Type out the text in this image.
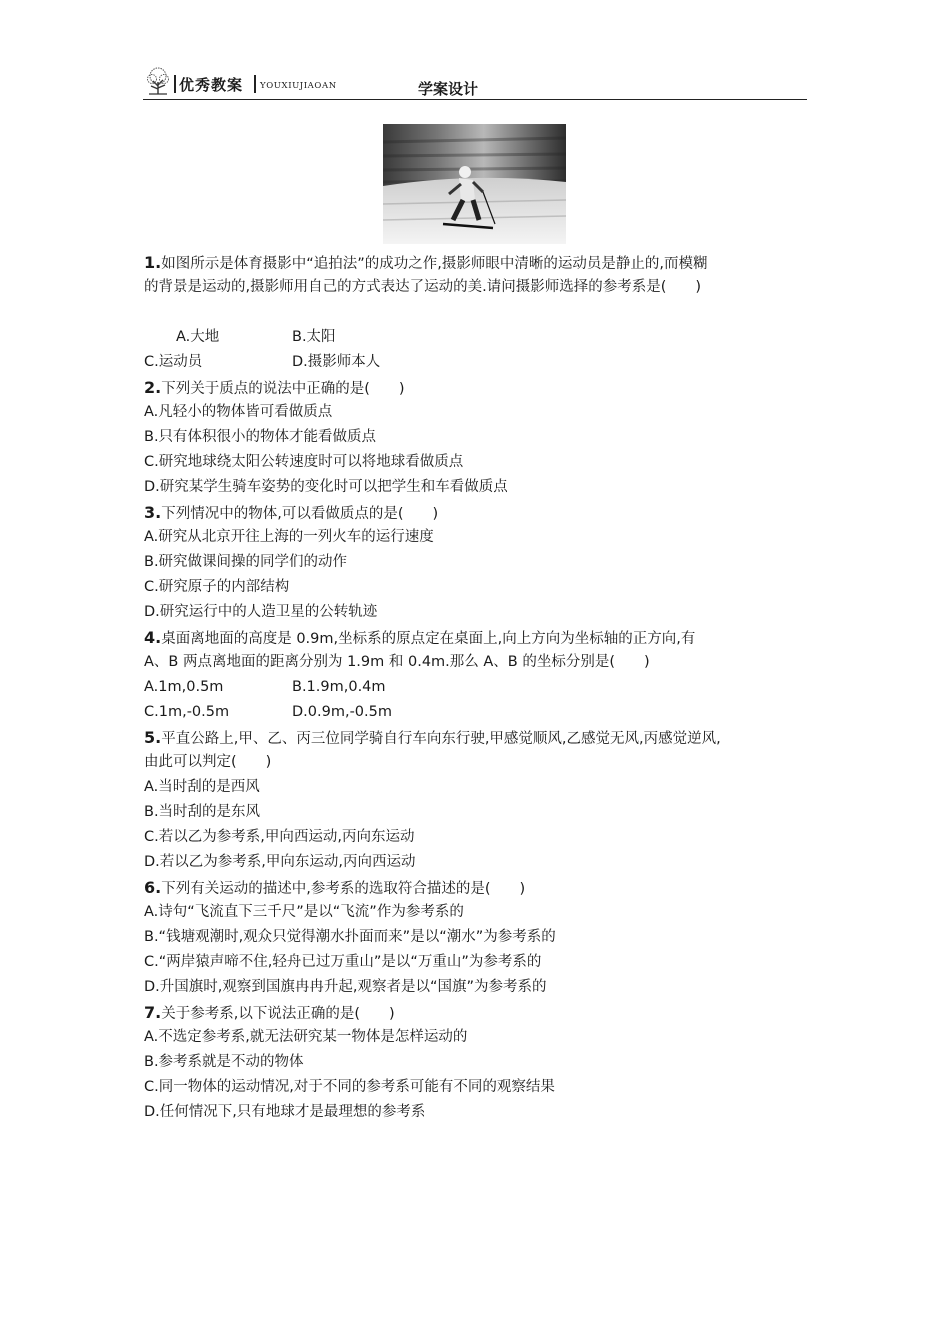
优秀教案 YOUXIUJIAOAN	学案设计
1.如图所示是体育摄影中“追拍法”的成功之作,摄影师眼中清晰的运动员是静止的,而模糊
的背景是运动的,摄影师用自己的方式表达了运动的美.请问摄影师选择的参考系是(　　)
A.大地	B.太阳
C.运动员	D.摄影师本人
2.下列关于质点的说法中正确的是(　　)
A.凡轻小的物体皆可看做质点
B.只有体积很小的物体才能看做质点
C.研究地球绕太阳公转速度时可以将地球看做质点
D.研究某学生骑车姿势的变化时可以把学生和车看做质点
3.下列情况中的物体,可以看做质点的是(　　)
A.研究从北京开往上海的一列火车的运行速度
B.研究做课间操的同学们的动作
C.研究原子的内部结构
D.研究运行中的人造卫星的公转轨迹
4.桌面离地面的高度是 0.9m,坐标系的原点定在桌面上,向上方向为坐标轴的正方向,有
A、B 两点离地面的距离分别为 1.9m 和 0.4m.那么 A、B 的坐标分别是(　　)
A.1m,0.5m	B.1.9m,0.4m
C.1m,-0.5m	D.0.9m,-0.5m
5.平直公路上,甲、乙、丙三位同学骑自行车向东行驶,甲感觉顺风,乙感觉无风,丙感觉逆风,
由此可以判定(　　)
A.当时刮的是西风
B.当时刮的是东风
C.若以乙为参考系,甲向西运动,丙向东运动
D.若以乙为参考系,甲向东运动,丙向西运动
6.下列有关运动的描述中,参考系的选取符合描述的是(　　)
A.诗句“飞流直下三千尺”是以“飞流”作为参考系的
B.“钱塘观潮时,观众只觉得潮水扑面而来”是以“潮水”为参考系的
C.“两岸猿声啼不住,轻舟已过万重山”是以“万重山”为参考系的
D.升国旗时,观察到国旗冉冉升起,观察者是以“国旗”为参考系的
7.关于参考系,以下说法正确的是(　　)
A.不选定参考系,就无法研究某一物体是怎样运动的
B.参考系就是不动的物体
C.同一物体的运动情况,对于不同的参考系可能有不同的观察结果
D.任何情况下,只有地球才是最理想的参考系
